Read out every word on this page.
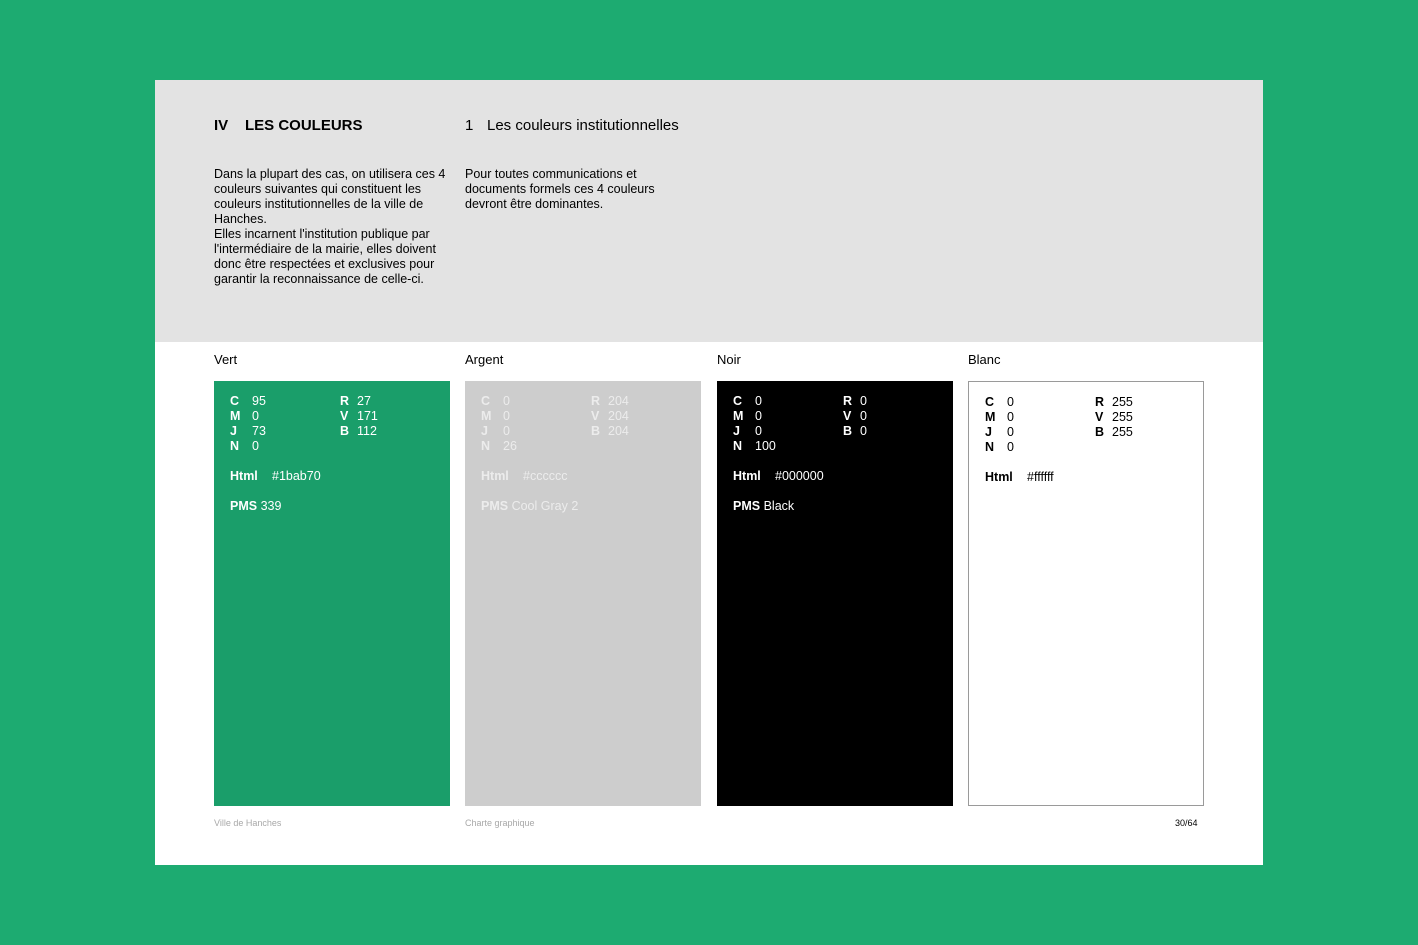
IV LES COULEURS	1 Les couleurs institutionnelles

Dans la plupart des cas, on utilisera ces 4 couleurs suivantes qui constituent les couleurs institutionnelles de la ville de Hanches.

Elles incarnent l'institution publique par l'intermédiaire de la mairie, elles doivent donc être respectées et exclusives pour garantir la reconnaissance de celle-ci.

Pour toutes communications et documents formels ces 4 couleurs devront être dominantes.

Vert
C	95
M 0
J	73
N	0
R 27
V 171
B 112
Html #1bab70
PMS 339
Argent
C	0
M 0
J	0
N	26
R 204
V 204
B 204
Html #cccccc
PMS Cool Gray 2
Noir
C	0
M 0
J	0
N	100
R 0
V 0
B 0
Html #000000
PMS Black
Blanc
C	0
M 0
J	0
N	0
R 255
V 255
B 255
Html #ffffff
Ville de Hanches	Charte graphique	30/64
